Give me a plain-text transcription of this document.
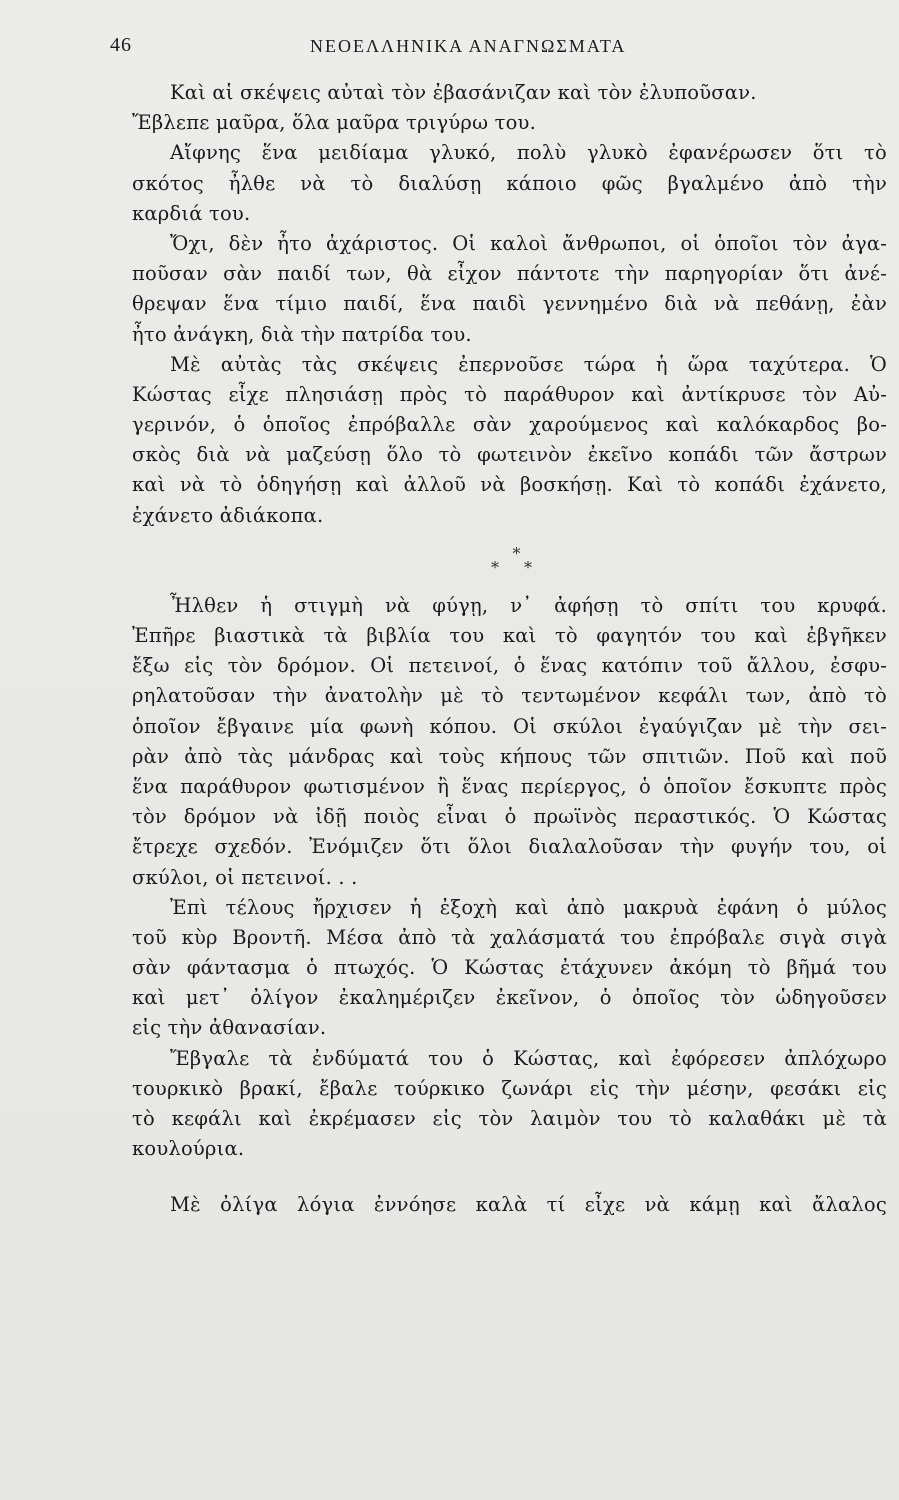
46	ΝΕΟΕΛΛΗΝΙΚΑ ΑΝΑΓΝΩΣΜΑΤΑ
Καὶ αἱ σκέψεις αὐταὶ τὸν ἐβασάνιζαν καὶ τὸν ἐλυποῦσαν.
Ἔβλεπε μαῦρα, ὅλα μαῦρα τριγύρω του.
Αἴφνης ἕνα μειδίαμα γλυκό, πολὺ γλυκὸ ἐφανέρωσεν ὅτι τὸ
σκότος ἦλθε νὰ τὸ διαλύσῃ κάποιο φῶς βγαλμένο ἀπὸ τὴν
καρδιά του.
Ὄχι, δὲν ἦτο ἀχάριστος. Οἱ καλοὶ ἄνθρωποι, οἱ ὁποῖοι τὸν ἀγα-
ποῦσαν σὰν παιδί των, θὰ εἶχον πάντοτε τὴν παρηγορίαν ὅτι ἀνέ-
θρεψαν ἕνα τίμιο παιδί, ἕνα παιδὶ γεννημένο διὰ νὰ πεθάνῃ, ἐὰν
ἦτο ἀνάγκη, διὰ τὴν πατρίδα του.
Μὲ αὐτὰς τὰς σκέψεις ἐπερνοῦσε τώρα ἡ ὥρα ταχύτερα. Ὁ
Κώστας εἶχε πλησιάσῃ πρὸς τὸ παράθυρον καὶ ἀντίκρυσε τὸν Αὐ-
γερινόν, ὁ ὁποῖος ἐπρόβαλλε σὰν χαρούμενος καὶ καλόκαρδος βο-
σκὸς διὰ νὰ μαζεύσῃ ὅλο τὸ φωτεινὸν ἐκεῖνο κοπάδι τῶν ἄστρων
καὶ νὰ τὸ ὁδηγήσῃ καὶ ἀλλοῦ νὰ βοσκήσῃ. Καὶ τὸ κοπάδι ἐχάνετο,
ἐχάνετο ἀδιάκοπα.
*
* *
Ἦλθεν ἡ στιγμὴ νὰ φύγῃ, ν᾿ ἀφήσῃ τὸ σπίτι του κρυφά.
Ἐπῆρε βιαστικὰ τὰ βιβλία του καὶ τὸ φαγητόν του καὶ ἐβγῆκεν
ἔξω εἰς τὸν δρόμον. Οἱ πετεινοί, ὁ ἕνας κατόπιν τοῦ ἄλλου, ἐσφυ-
ρηλατοῦσαν τὴν ἀνατολὴν μὲ τὸ τεντωμένον κεφάλι των, ἀπὸ τὸ
ὁποῖον ἔβγαινε μία φωνὴ κόπου. Οἱ σκύλοι ἐγαύγιζαν μὲ τὴν σει-
ρὰν ἀπὸ τὰς μάνδρας καὶ τοὺς κήπους τῶν σπιτιῶν. Ποῦ καὶ ποῦ
ἕνα παράθυρον φωτισμένον ἢ ἕνας περίεργος, ὁ ὁποῖον ἔσκυπτε πρὸς
τὸν δρόμον νὰ ἰδῇ ποιὸς εἶναι ὁ πρωϊνὸς περαστικός. Ὁ Κώστας
ἔτρεχε σχεδόν. Ἐνόμιζεν ὅτι ὅλοι διαλαλοῦσαν τὴν φυγήν του, οἱ
σκύλοι, οἱ πετεινοί. . .
Ἐπὶ τέλους ἤρχισεν ἡ ἐξοχὴ καὶ ἀπὸ μακρυὰ ἐφάνη ὁ μύλος
τοῦ κὺρ Βροντῆ. Μέσα ἀπὸ τὰ χαλάσματά του ἐπρόβαλε σιγὰ σιγὰ
σὰν φάντασμα ὁ πτωχός. Ὁ Κώστας ἐτάχυνεν ἀκόμη τὸ βῆμά του
καὶ μετ᾿ ὀλίγον ἐκαλημέριζεν ἐκεῖνον, ὁ ὁποῖος τὸν ὡδηγοῦσεν
εἰς τὴν ἀθανασίαν.
Ἔβγαλε τὰ ἐνδύματά του ὁ Κώστας, καὶ ἐφόρεσεν ἀπλόχωρο
τουρκικὸ βρακί, ἔβαλε τούρκικο ζωνάρι εἰς τὴν μέσην, φεσάκι εἰς
τὸ κεφάλι καὶ ἐκρέμασεν εἰς τὸν λαιμὸν του τὸ καλαθάκι μὲ τὰ
κουλούρια.
Μὲ ὀλίγα λόγια ἐννόησε καλὰ τί εἶχε νὰ κάμῃ καὶ ἄλαλος
